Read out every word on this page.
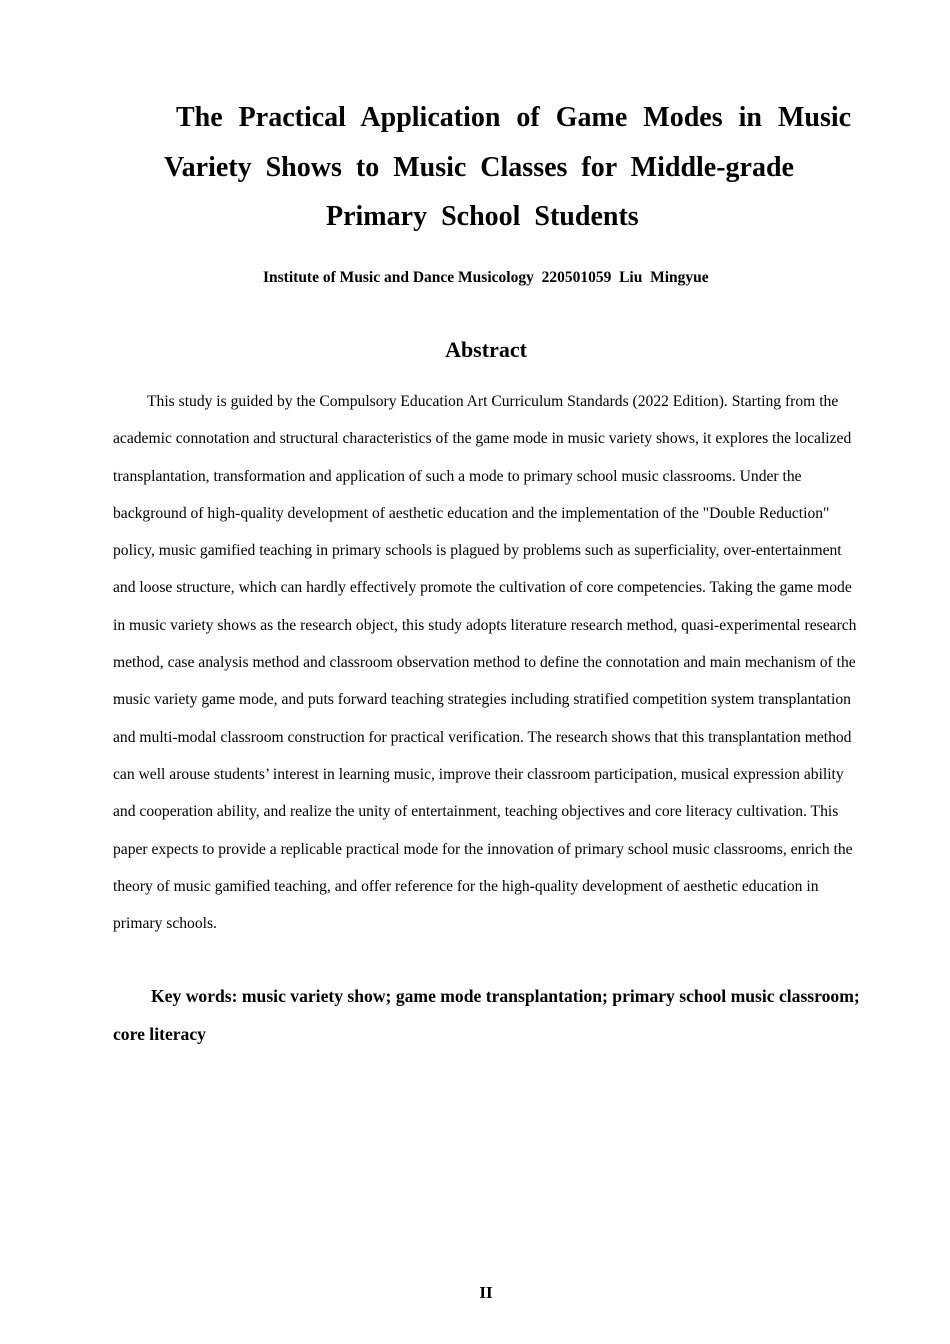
The Practical Application of Game Modes in Music
Variety Shows to Music Classes for Middle-grade
Primary School Students

Institute of Music and Dance Musicology  220501059  Liu  Mingyue

Abstract

This study is guided by the Compulsory Education Art Curriculum Standards (2022 Edition). Starting from the academic connotation and structural characteristics of the game mode in music variety shows, it explores the localized transplantation, transformation and application of such a mode to primary school music classrooms. Under the background of high-quality development of aesthetic education and the implementation of the "Double Reduction" policy, music gamified teaching in primary schools is plagued by problems such as superficiality, over-entertainment and loose structure, which can hardly effectively promote the cultivation of core competencies. Taking the game mode in music variety shows as the research object, this study adopts literature research method, quasi-experimental research method, case analysis method and classroom observation method to define the connotation and main mechanism of the music variety game mode, and puts forward teaching strategies including stratified competition system transplantation and multi-modal classroom construction for practical verification. The research shows that this transplantation method can well arouse students’ interest in learning music, improve their classroom participation, musical expression ability and cooperation ability, and realize the unity of entertainment, teaching objectives and core literacy cultivation. This paper expects to provide a replicable practical mode for the innovation of primary school music classrooms, enrich the theory of music gamified teaching, and offer reference for the high-quality development of aesthetic education in primary schools.

Key words: music variety show; game mode transplantation; primary school music classroom; core literacy

II
